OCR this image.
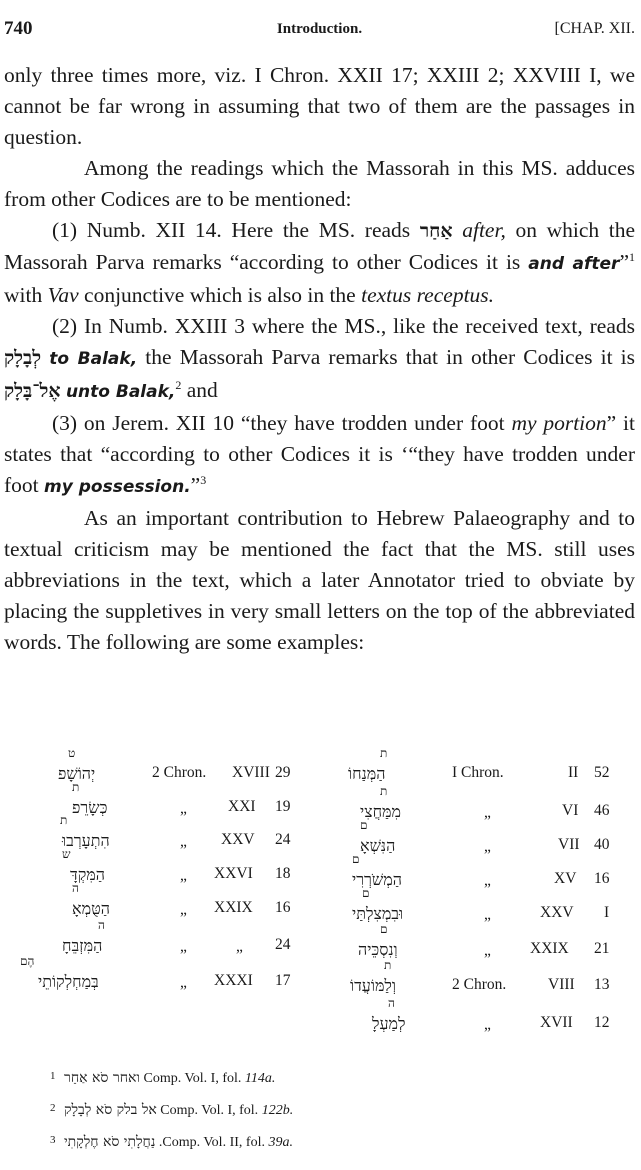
740	Introduction.	[CHAP. XII.

only three times more, viz. I Chron. XXII 17; XXIII 2; XXVIII I, we cannot be far wrong in assuming that two of them are the passages in question.

Among the readings which the Massorah in this MS. adduces from other Codices are to be mentioned:

(1) Numb. XII 14. Here the MS. reads אַחַר after, on which the Massorah Parva remarks “according to other Codices it is and after”$^1$ with Vav conjunctive which is also in the textus receptus.

(2) In Numb. XXIII 3 where the MS., like the received text, reads לְבָלָק to Balak, the Massorah Parva remarks that in other Codices it is אֶל־בָּלָק unto Balak,$^2$ and

(3) on Jerem. XII 10 “they have trodden under foot my portion” it states that “according to other Codices it is ‘“they have trodden under foot my possession.”$^3$

As an important contribution to Hebrew Palaeography and to textual criticism may be mentioned the fact that the MS. still uses abbreviations in the text, which a later Annotator tried to obviate by placing the suppletives in very small letters on the top of the abbreviated words. The following are some examples:

ט
יְהוֹשָׁפ	2 Chron. XVIII 29
ת
כְּשָׂרֵפ	„	XXI 19
ת
הִתְעָרְבוּ	„ XXV 24
ש
הַמִּקְדָּ	„ XXVI 18
ה
הַטֻּמְאָ	„ XXIX 16
ה
הַמִּזְבֵּחָ	„	„ 24
הֶם
בְּמַחְלְקוֹתֵי	„ XXXI 17
ת
הַמְּנַחוֹ	I Chron.	II 52
ת
מִמַּחֲצִי	„	VI 46
ם
הַנִּשְׁאָ	„	VII 40
ם
הַמְשֹׁרְרִי	„	XV 16
ם
וּבִמְצִלְתַּי	„	XXV I
ם
וְנִסְכֵּיה	„	XXIX 21
ת
וְלַמּוֹעֲדוֹ	2 Chron.	VIII 13
ה
לְמַעְלָ	„	XVII 12
$^1$ ואחר סֹא אַחַר Comp. Vol. I, fol. 114a.
$^2$ אל בלק סֹא לְבָלָק Comp. Vol. I, fol. 122b.
$^3$ נַחֲלָתִי סֹא חֶלְקָתִי .Comp. Vol. II, fol. 39a.
